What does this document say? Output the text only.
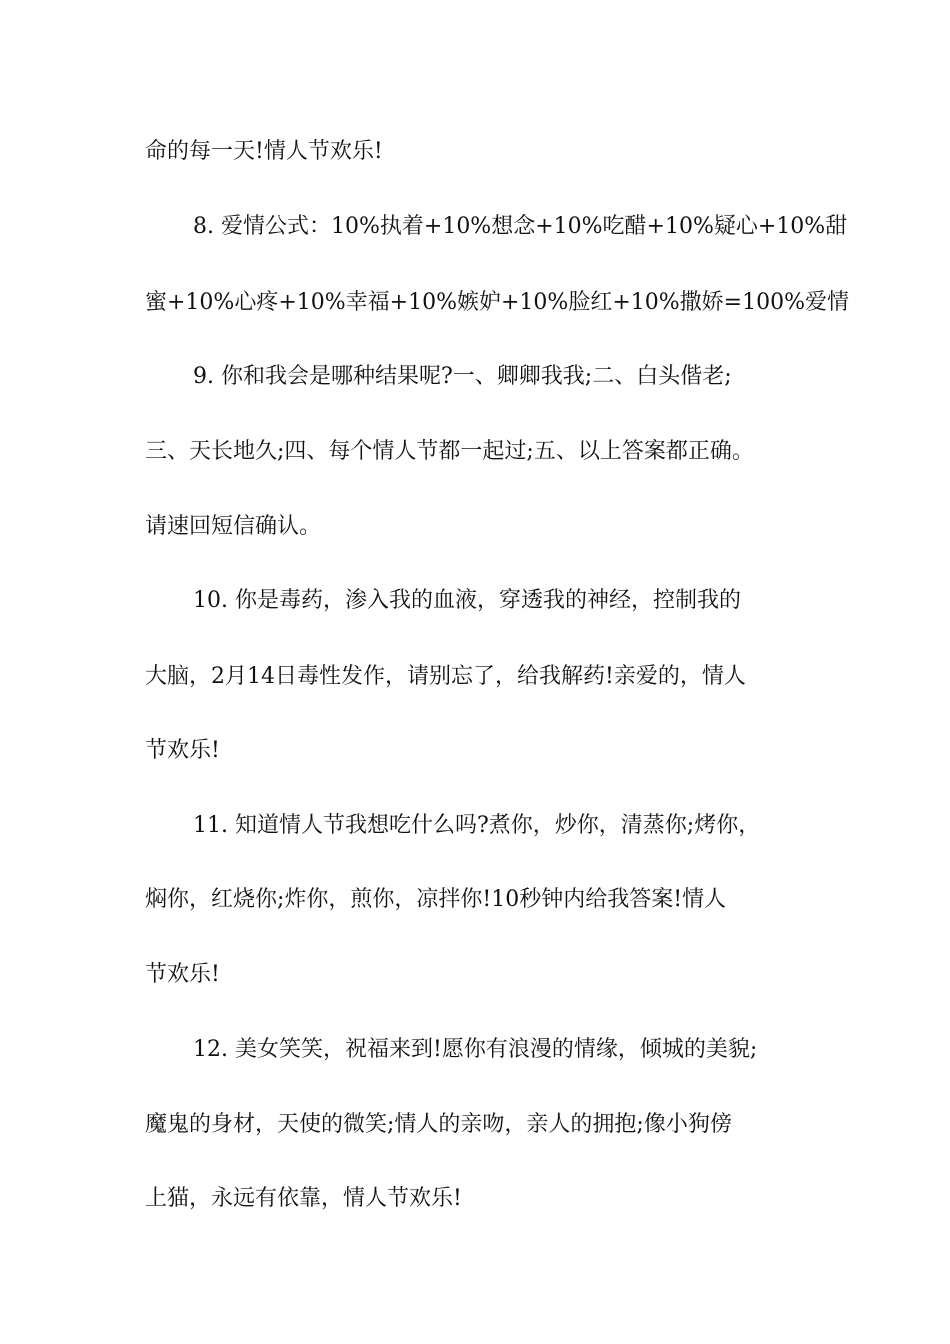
命的每一天!情人节欢乐!
8. 爱情公式：10%执着+10%想念+10%吃醋+10%疑心+10%甜
蜜+10%心疼+10%幸福+10%嫉妒+10%脸红+10%撒娇=100%爱情
9. 你和我会是哪种结果呢?一、卿卿我我;二、白头偕老;
三、天长地久;四、每个情人节都一起过;五、以上答案都正确。
请速回短信确认。
10. 你是毒药，渗入我的血液，穿透我的神经，控制我的
大脑，2月14日毒性发作，请别忘了，给我解药!亲爱的，情人
节欢乐!
11. 知道情人节我想吃什么吗?煮你，炒你，清蒸你;烤你，
焖你，红烧你;炸你，煎你，凉拌你!10秒钟内给我答案!情人
节欢乐!
12. 美女笑笑，祝福来到!愿你有浪漫的情缘，倾城的美貌;
魔鬼的身材，天使的微笑;情人的亲吻，亲人的拥抱;像小狗傍
上猫，永远有依靠，情人节欢乐!
